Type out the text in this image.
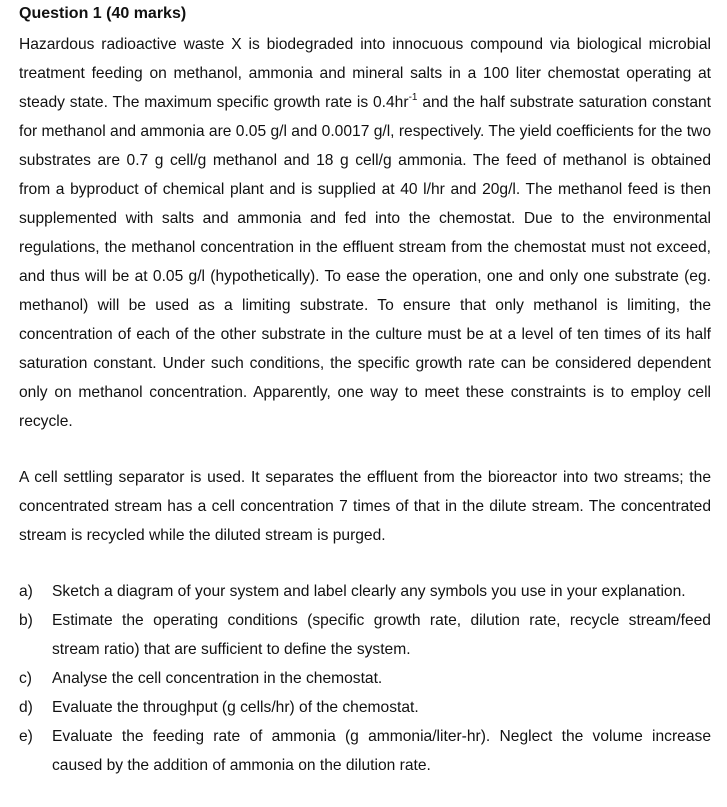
Question 1 (40 marks)

Hazardous radioactive waste X is biodegraded into innocuous compound via biological microbial treatment feeding on methanol, ammonia and mineral salts in a 100 liter chemostat operating at steady state. The maximum specific growth rate is $0.4hr^{-1}$ and the half substrate saturation constant for methanol and ammonia are 0.05 g/l and 0.0017 g/l, respectively. The yield coefficients for the two substrates are 0.7 g cell/g methanol and 18 g cell/g ammonia. The feed of methanol is obtained from a byproduct of chemical plant and is supplied at 40 l/hr and 20g/l. The methanol feed is then supplemented with salts and ammonia and fed into the chemostat. Due to the environmental regulations, the methanol concentration in the effluent stream from the chemostat must not exceed, and thus will be at 0.05 g/l (hypothetically). To ease the operation, one and only one substrate (eg. methanol) will be used as a limiting substrate. To ensure that only methanol is limiting, the concentration of each of the other substrate in the culture must be at a level of ten times of its half saturation constant. Under such conditions, the specific growth rate can be considered dependent only on methanol concentration. Apparently, one way to meet these constraints is to employ cell recycle.

A cell settling separator is used. It separates the effluent from the bioreactor into two streams; the concentrated stream has a cell concentration 7 times of that in the dilute stream. The concentrated stream is recycled while the diluted stream is purged.

a)	Sketch a diagram of your system and label clearly any symbols you use in your explanation.
b)	Estimate the operating conditions (specific growth rate, dilution rate, recycle stream/feed stream ratio) that are sufficient to define the system.
c)	Analyse the cell concentration in the chemostat.
d)	Evaluate the throughput (g cells/hr) of the chemostat.
e)	Evaluate the feeding rate of ammonia (g ammonia/liter-hr). Neglect the volume increase caused by the addition of ammonia on the dilution rate.
